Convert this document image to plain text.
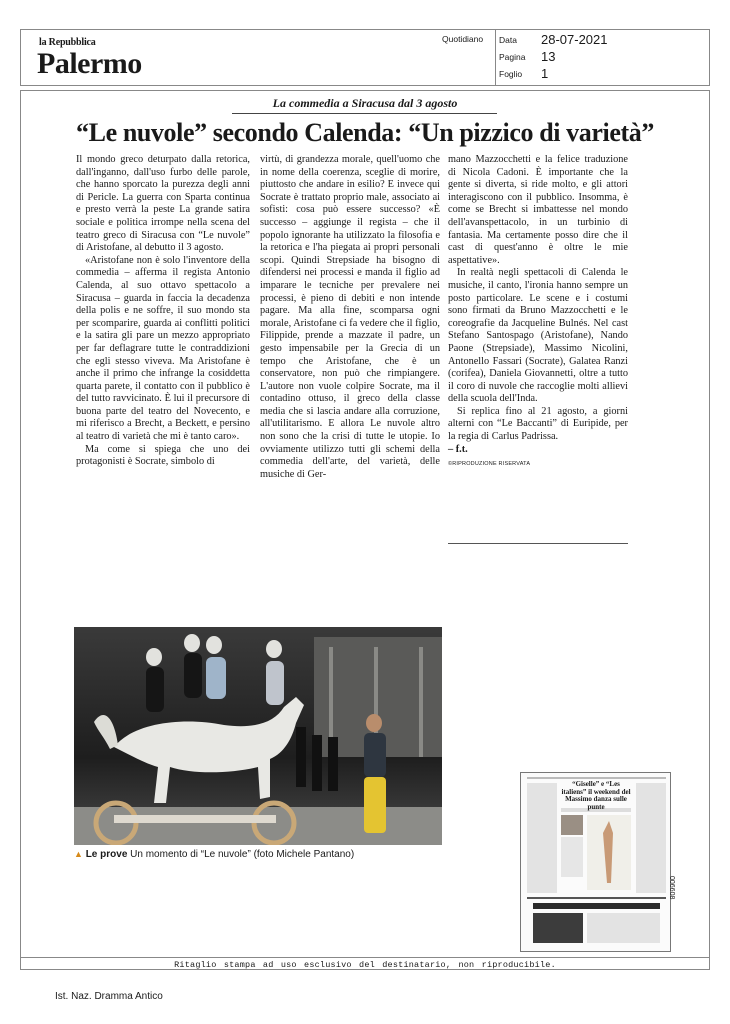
la Repubblica
Palermo
Quotidiano Data 28-07-2021
Pagina 13
Foglio 1
La commedia a Siracusa dal 3 agosto
“Le nuvole” secondo Calenda: “Un pizzico di varietà”

Il mondo greco deturpato dalla retorica, dall'inganno, dall'uso furbo delle parole, che hanno sporcato la purezza degli anni di Pericle. La guerra con Sparta continua e presto verrà la peste La grande satira sociale e politica irrompe nella scena del teatro greco di Siracusa con “Le nuvole” di Aristofane, al debutto il 3 agosto.

«Aristofane non è solo l'inventore della commedia – afferma il regista Antonio Calenda, al suo ottavo spettacolo a Siracusa – guarda in faccia la decadenza della polis e ne soffre, il suo mondo sta per scomparire, guarda ai conflitti politici e la satira gli pare un mezzo appropriato per far deflagrare tutte le contraddizioni che egli stesso viveva. Ma Aristofane è anche il primo che infrange la cosiddetta quarta parete, il contatto con il pubblico è del tutto ravvicinato. È lui il precursore di buona parte del teatro del Novecento, e mi riferisco a Brecht, a Beckett, e persino al teatro di varietà che mi è tanto caro».

Ma come si spiega che uno dei protagonisti è Socrate, simbolo di

virtù, di grandezza morale, quell'uomo che in nome della coerenza, sceglie di morire, piuttosto che andare in esilio? E invece qui Socrate è trattato proprio male, associato ai sofisti: cosa può essere successo? «È successo – aggiunge il regista – che il popolo ignorante ha utilizzato la filosofia e la retorica e l'ha piegata ai propri personali scopi. Quindi Strepsiade ha bisogno di difendersi nei processi e manda il figlio ad imparare le tecniche per prevalere nei processi, è pieno di debiti e non intende pagare. Ma alla fine, scomparsa ogni morale, Aristofane ci fa vedere che il figlio, Filippide, prende a mazzate il padre, un gesto impensabile per la Grecia di un tempo che Aristofane, che è un conservatore, non può che rimpiangere. L'autore non vuole colpire Socrate, ma il contadino ottuso, il greco della classe media che si lascia andare alla corruzione, all'utilitarismo. E allora Le nuvole altro non sono che la crisi di tutte le utopie. Io ovviamente utilizzo tutti gli schemi della commedia dell'arte, del varietà, delle musiche di Ger-

mano Mazzocchetti e la felice traduzione di Nicola Cadoni. È importante che la gente si diverta, si ride molto, e gli attori interagiscono con il pubblico. Insomma, è come se Brecht si imbattesse nel mondo dell'avanspettacolo, in un turbinio di fantasia. Ma certamente posso dire che il cast di quest'anno è oltre le mie aspettative».

In realtà negli spettacoli di Calenda le musiche, il canto, l'ironia hanno sempre un posto particolare. Le scene e i costumi sono firmati da Bruno Mazzocchetti e le coreografie da Jacqueline Bulnés. Nel cast Stefano Santospago (Aristofane), Nando Paone (Strepsiade), Massimo Nicolini, Antonello Fassari (Socrate), Galatea Ranzi (corifea), Daniela Giovannetti, oltre a tutto il coro di nuvole che raccoglie molti allievi della scuola dell'Inda.

Si replica fino al 21 agosto, a giorni alterni con “Le Baccanti” di Euripide, per la regia di Carlus Padrissa.

– f.t.

©RIPRODUZIONE RISERVATA

▲ Le prove Un momento di “Le nuvole” (foto Michele Pantano)
“Giselle” e “Les italiens” il weekend del Massimo danza sulle punte
006608
Ritaglio stampa ad uso esclusivo del destinatario, non riproducibile.
Ist. Naz. Dramma Antico
